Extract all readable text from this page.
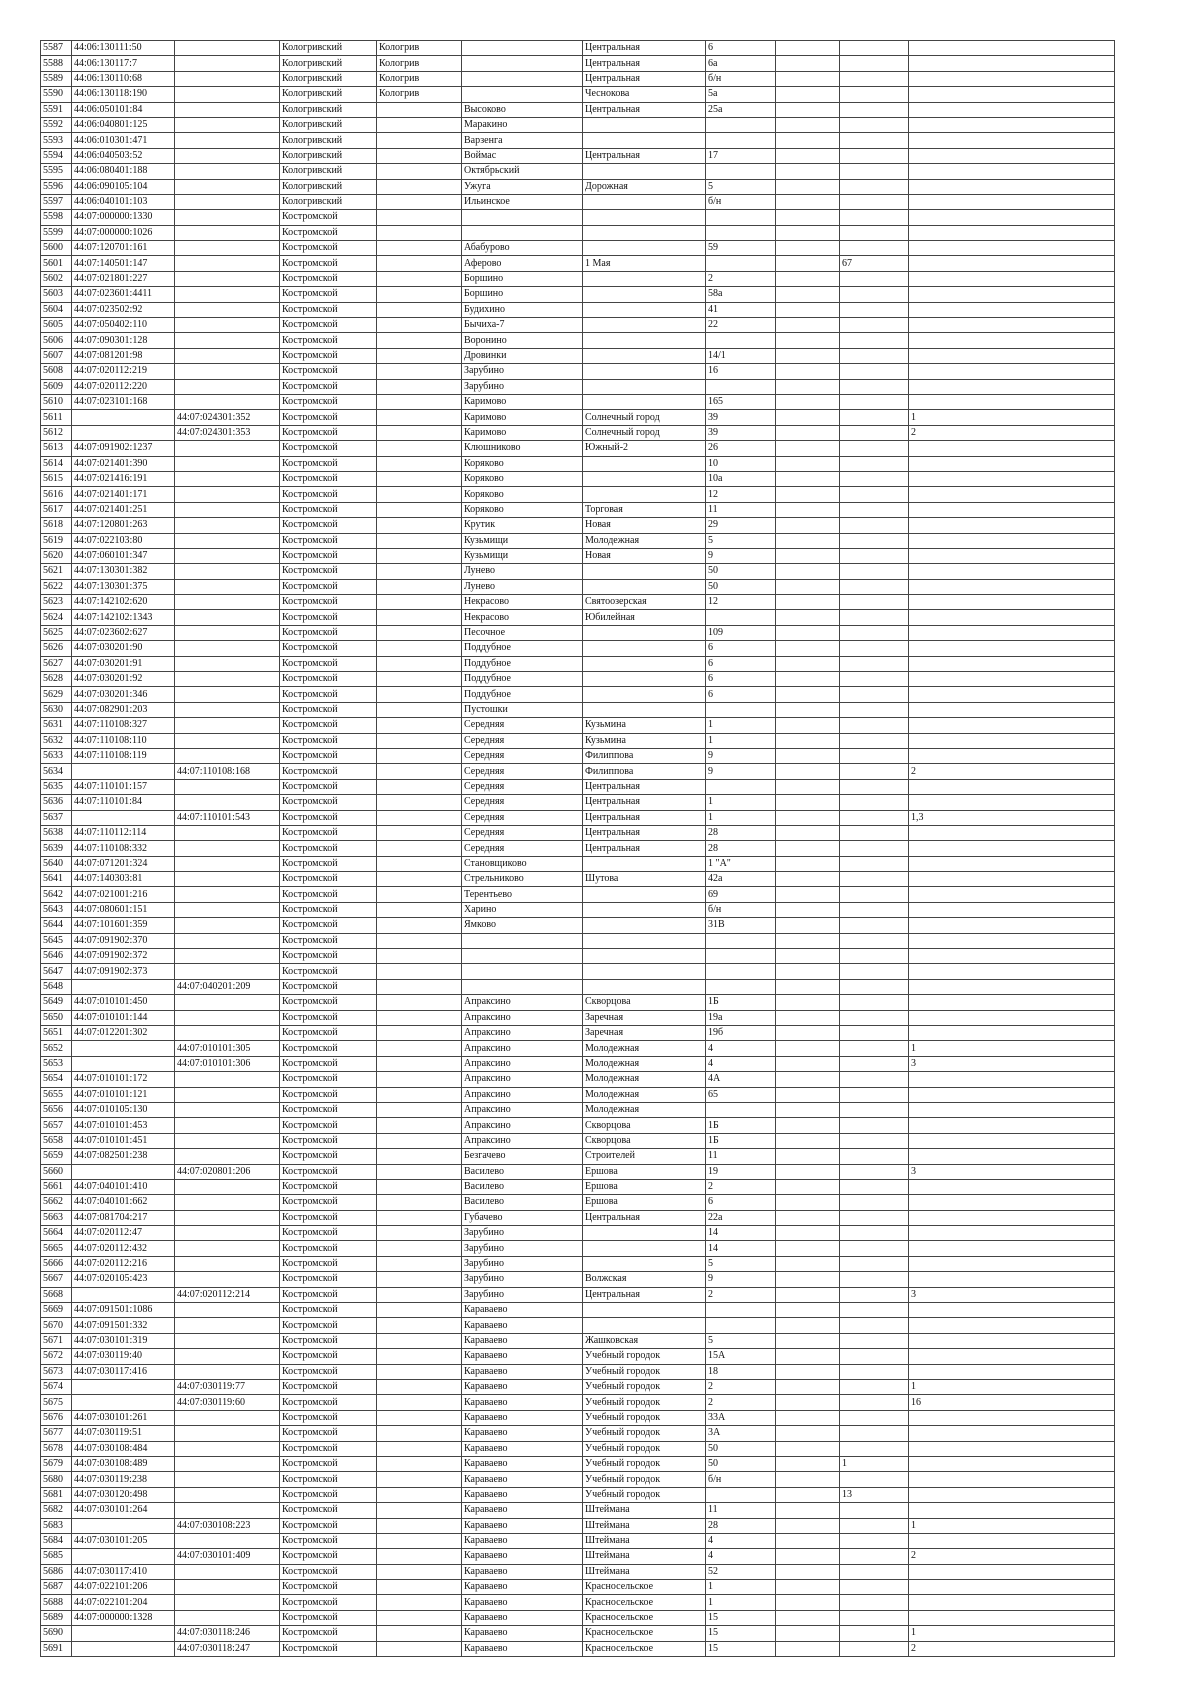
5587	44:06:130111:50		Кологривский	Кологрив		Центральная	6			
5588	44:06:130117:7		Кологривский	Кологрив		Центральная	6а			
5589	44:06:130110:68		Кологривский	Кологрив		Центральная	б/н			
5590	44:06:130118:190		Кологривский	Кологрив		Чеснокова	5а			
5591	44:06:050101:84		Кологривский		Высоково	Центральная	25а			
5592	44:06:040801:125		Кологривский		Маракино					
5593	44:06:010301:471		Кологривский		Варзенга					
5594	44:06:040503:52		Кологривский		Воймас	Центральная	17			
5595	44:06:080401:188		Кологривский		Октябрьский					
5596	44:06:090105:104		Кологривский		Ужуга	Дорожная	5			
5597	44:06:040101:103		Кологривский		Ильинское		б/н			
5598	44:07:000000:1330		Костромской							
5599	44:07:000000:1026		Костромской							
5600	44:07:120701:161		Костромской		Абабурово		59			
5601	44:07:140501:147		Костромской		Аферово	1 Мая			67	
5602	44:07:021801:227		Костромской		Боршино		2			
5603	44:07:023601:4411		Костромской		Боршино		58а			
5604	44:07:023502:92		Костромской		Будихино		41			
5605	44:07:050402:110		Костромской		Бычиха-7		22			
5606	44:07:090301:128		Костромской		Воронино					
5607	44:07:081201:98		Костромской		Дровинки		14/1			
5608	44:07:020112:219		Костромской		Зарубино		16			
5609	44:07:020112:220		Костромской		Зарубино					
5610	44:07:023101:168		Костромской		Каримово		165			
5611		44:07:024301:352	Костромской		Каримово	Солнечный город	39			1
5612		44:07:024301:353	Костромской		Каримово	Солнечный город	39			2
5613	44:07:091902:1237		Костромской		Клюшниково	Южный-2	26			
5614	44:07:021401:390		Костромской		Коряково		10			
5615	44:07:021416:191		Костромской		Коряково		10а			
5616	44:07:021401:171		Костромской		Коряково		12			
5617	44:07:021401:251		Костромской		Коряково	Торговая	11			
5618	44:07:120801:263		Костромской		Крутик	Новая	29			
5619	44:07:022103:80		Костромской		Кузьмищи	Молодежная	5			
5620	44:07:060101:347		Костромской		Кузьмищи	Новая	9			
5621	44:07:130301:382		Костромской		Лунево		50			
5622	44:07:130301:375		Костромской		Лунево		50			
5623	44:07:142102:620		Костромской		Некрасово	Святоозерская	12			
5624	44:07:142102:1343		Костромской		Некрасово	Юбилейная				
5625	44:07:023602:627		Костромской		Песочное		109			
5626	44:07:030201:90		Костромской		Поддубное		6			
5627	44:07:030201:91		Костромской		Поддубное		6			
5628	44:07:030201:92		Костромской		Поддубное		6			
5629	44:07:030201:346		Костромской		Поддубное		6			
5630	44:07:082901:203		Костромской		Пустошки					
5631	44:07:110108:327		Костромской		Середняя	Кузьмина	1			
5632	44:07:110108:110		Костромской		Середняя	Кузьмина	1			
5633	44:07:110108:119		Костромской		Середняя	Филиппова	9			
5634		44:07:110108:168	Костромской		Середняя	Филиппова	9			2
5635	44:07:110101:157		Костромской		Середняя	Центральная				
5636	44:07:110101:84		Костромской		Середняя	Центральная	1			
5637		44:07:110101:543	Костромской		Середняя	Центральная	1			1,3
5638	44:07:110112:114		Костромской		Середняя	Центральная	28			
5639	44:07:110108:332		Костромской		Середняя	Центральная	28			
5640	44:07:071201:324		Костромской		Становщиково		1 "А"			
5641	44:07:140303:81		Костромской		Стрельниково	Шутова	42а			
5642	44:07:021001:216		Костромской		Терентьево		69			
5643	44:07:080601:151		Костромской		Харино		б/н			
5644	44:07:101601:359		Костромской		Ямково		31В			
5645	44:07:091902:370		Костромской							
5646	44:07:091902:372		Костромской							
5647	44:07:091902:373		Костромской							
5648		44:07:040201:209	Костромской							
5649	44:07:010101:450		Костромской		Апраксино	Скворцова	1Б			
5650	44:07:010101:144		Костромской		Апраксино	Заречная	19а			
5651	44:07:012201:302		Костромской		Апраксино	Заречная	19б			
5652		44:07:010101:305	Костромской		Апраксино	Молодежная	4			1
5653		44:07:010101:306	Костромской		Апраксино	Молодежная	4			3
5654	44:07:010101:172		Костромской		Апраксино	Молодежная	4А			
5655	44:07:010101:121		Костромской		Апраксино	Молодежная	65			
5656	44:07:010105:130		Костромской		Апраксино	Молодежная				
5657	44:07:010101:453		Костромской		Апраксино	Скворцова	1Б			
5658	44:07:010101:451		Костромской		Апраксино	Скворцова	1Б			
5659	44:07:082501:238		Костромской		Безгачево	Строителей	11			
5660		44:07:020801:206	Костромской		Василево	Ершова	19			3
5661	44:07:040101:410		Костромской		Василево	Ершова	2			
5662	44:07:040101:662		Костромской		Василево	Ершова	6			
5663	44:07:081704:217		Костромской		Губачево	Центральная	22а			
5664	44:07:020112:47		Костромской		Зарубино		14			
5665	44:07:020112:432		Костромской		Зарубино		14			
5666	44:07:020112:216		Костромской		Зарубино		5			
5667	44:07:020105:423		Костромской		Зарубино	Волжская	9			
5668		44:07:020112:214	Костромской		Зарубино	Центральная	2			3
5669	44:07:091501:1086		Костромской		Караваево					
5670	44:07:091501:332		Костромской		Караваево					
5671	44:07:030101:319		Костромской		Караваево	Жашковская	5			
5672	44:07:030119:40		Костромской		Караваево	Учебный городок	15А			
5673	44:07:030117:416		Костромской		Караваево	Учебный городок	18			
5674		44:07:030119:77	Костромской		Караваево	Учебный городок	2			1
5675		44:07:030119:60	Костромской		Караваево	Учебный городок	2			16
5676	44:07:030101:261		Костромской		Караваево	Учебный городок	33А			
5677	44:07:030119:51		Костромской		Караваево	Учебный городок	3А			
5678	44:07:030108:484		Костромской		Караваево	Учебный городок	50			
5679	44:07:030108:489		Костромской		Караваево	Учебный городок	50		1	
5680	44:07:030119:238		Костромской		Караваево	Учебный городок	б/н			
5681	44:07:030120:498		Костромской		Караваево	Учебный городок			13	
5682	44:07:030101:264		Костромской		Караваево	Штеймана	11			
5683		44:07:030108:223	Костромской		Караваево	Штеймана	28			1
5684	44:07:030101:205		Костромской		Караваево	Штеймана	4			
5685		44:07:030101:409	Костромской		Караваево	Штеймана	4			2
5686	44:07:030117:410		Костромской		Караваево	Штеймана	52			
5687	44:07:022101:206		Костромской		Караваево	Красносельское	1			
5688	44:07:022101:204		Костромской		Караваево	Красносельское	1			
5689	44:07:000000:1328		Костромской		Караваево	Красносельское	15			
5690		44:07:030118:246	Костромской		Караваево	Красносельское	15			1
5691		44:07:030118:247	Костромской		Караваево	Красносельское	15			2
